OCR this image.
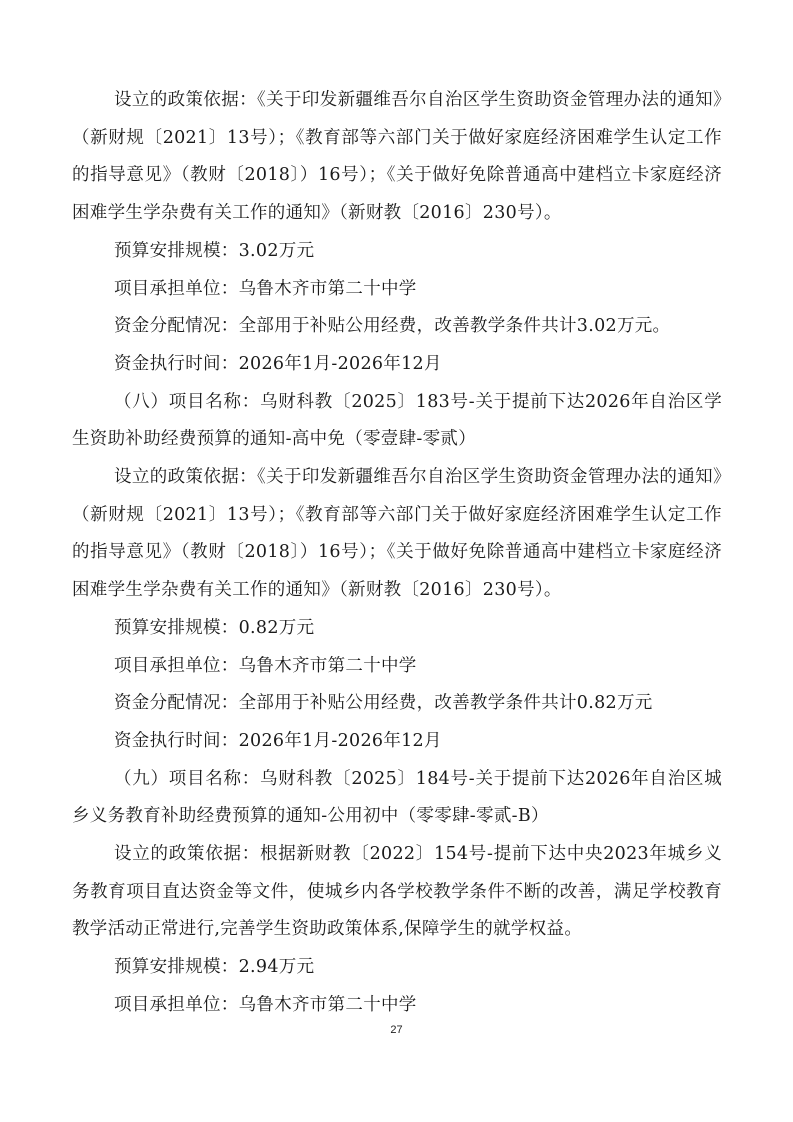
设立的政策依据：《关于印发新疆维吾尔自治区学生资助资金管理办法的通知》（新财规〔2021〕13号）；《教育部等六部门关于做好家庭经济困难学生认定工作的指导意见》（教财〔2018〕）16号）；《关于做好免除普通高中建档立卡家庭经济困难学生学杂费有关工作的通知》（新财教〔2016〕230号）。

预算安排规模：3.02万元

项目承担单位：乌鲁木齐市第二十中学

资金分配情况：全部用于补贴公用经费，改善教学条件共计3.02万元。

资金执行时间：2026年1月-2026年12月

（八）项目名称：乌财科教〔2025〕183号-关于提前下达2026年自治区学生资助补助经费预算的通知-高中免（零壹肆-零贰）

设立的政策依据：《关于印发新疆维吾尔自治区学生资助资金管理办法的通知》（新财规〔2021〕13号）；《教育部等六部门关于做好家庭经济困难学生认定工作的指导意见》（教财〔2018〕）16号）；《关于做好免除普通高中建档立卡家庭经济困难学生学杂费有关工作的通知》（新财教〔2016〕230号）。

预算安排规模：0.82万元

项目承担单位：乌鲁木齐市第二十中学

资金分配情况：全部用于补贴公用经费，改善教学条件共计0.82万元

资金执行时间：2026年1月-2026年12月

（九）项目名称：乌财科教〔2025〕184号-关于提前下达2026年自治区城乡义务教育补助经费预算的通知-公用初中（零零肆-零贰-B）

设立的政策依据：根据新财教〔2022〕154号-提前下达中央2023年城乡义务教育项目直达资金等文件，使城乡内各学校教学条件不断的改善，满足学校教育教学活动正常进行,完善学生资助政策体系,保障学生的就学权益。

预算安排规模：2.94万元

项目承担单位：乌鲁木齐市第二十中学

27
